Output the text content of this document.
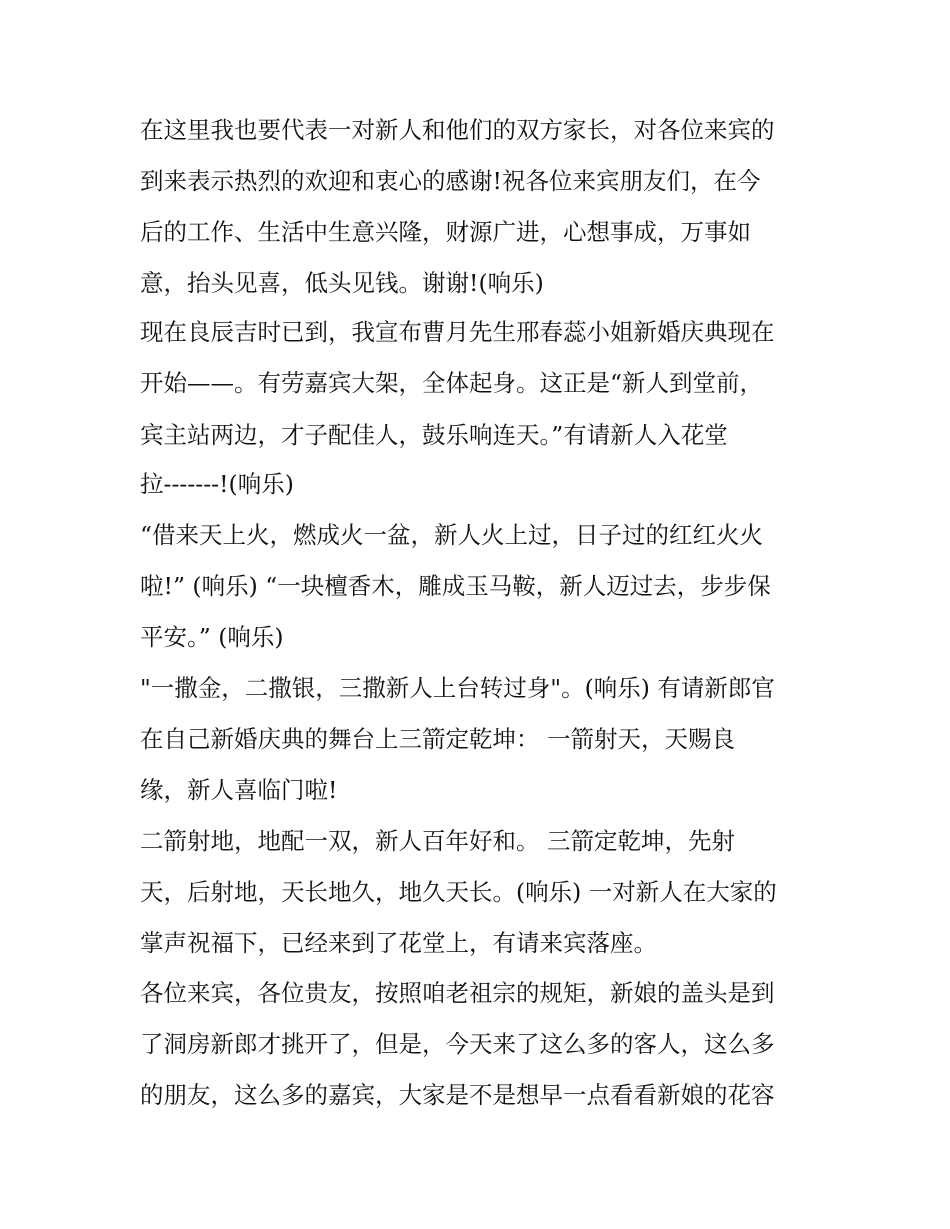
在这里我也要代表一对新人和他们的双方家长，对各位来宾的
到来表示热烈的欢迎和衷心的感谢!祝各位来宾朋友们，在今
后的工作、生活中生意兴隆，财源广进，心想事成，万事如
意，抬头见喜，低头见钱。谢谢!(响乐)
现在良辰吉时已到，我宣布曹月先生邢春蕊小姐新婚庆典现在
开始——。有劳嘉宾大架，全体起身。这正是“新人到堂前，
宾主站两边，才子配佳人，鼓乐响连天。”有请新人入花堂
拉-------!(响乐)
“借来天上火，燃成火一盆，新人火上过，日子过的红红火火
啦!” (响乐) “一块檀香木，雕成玉马鞍，新人迈过去，步步保
平安。” (响乐)
"一撒金，二撒银，三撒新人上台转过身"。(响乐) 有请新郎官
在自己新婚庆典的舞台上三箭定乾坤： 一箭射天，天赐良
缘，新人喜临门啦!
二箭射地，地配一双，新人百年好和。 三箭定乾坤，先射
天，后射地，天长地久，地久天长。(响乐) 一对新人在大家的
掌声祝福下，已经来到了花堂上，有请来宾落座。
各位来宾，各位贵友，按照咱老祖宗的规矩，新娘的盖头是到
了洞房新郎才挑开了，但是，今天来了这么多的客人，这么多
的朋友，这么多的嘉宾，大家是不是想早一点看看新娘的花容
